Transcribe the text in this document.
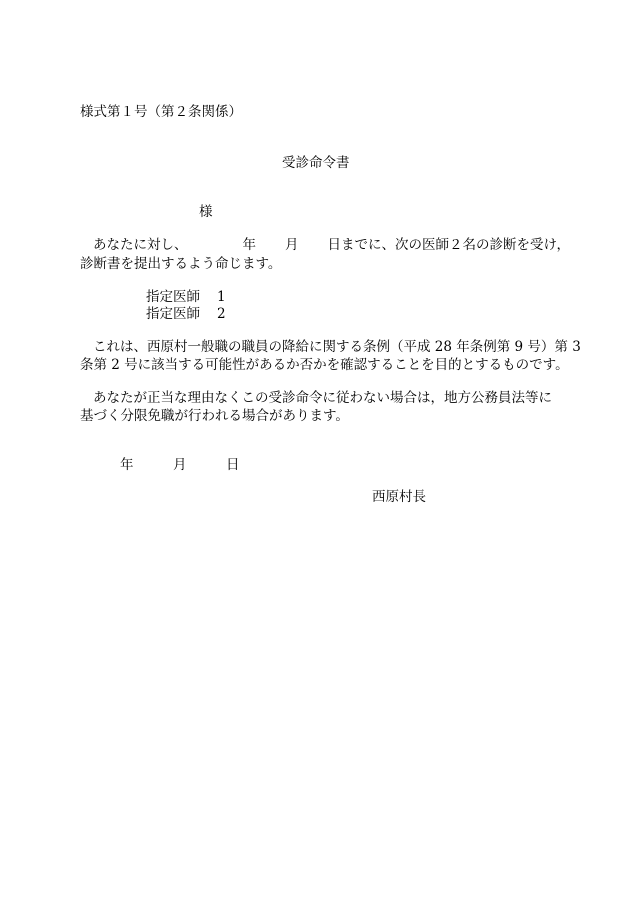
様式第１号（第２条関係）
受診命令書
様
あなたに対し、	年 月 日までに、次の医師２名の診断を受け，
診断書を提出するよう命じます。
指定医師 1
指定医師 2
これは、西原村一般職の職員の降給に関する条例（平成 28 年条例第 9 号）第 3
条第 2 号に該当する可能性があるか否かを確認することを目的とするものです。
あなたが正当な理由なくこの受診命令に従わない場合は，地方公務員法等に
基づく分限免職が行われる場合があります。
年	月	日
西原村長
